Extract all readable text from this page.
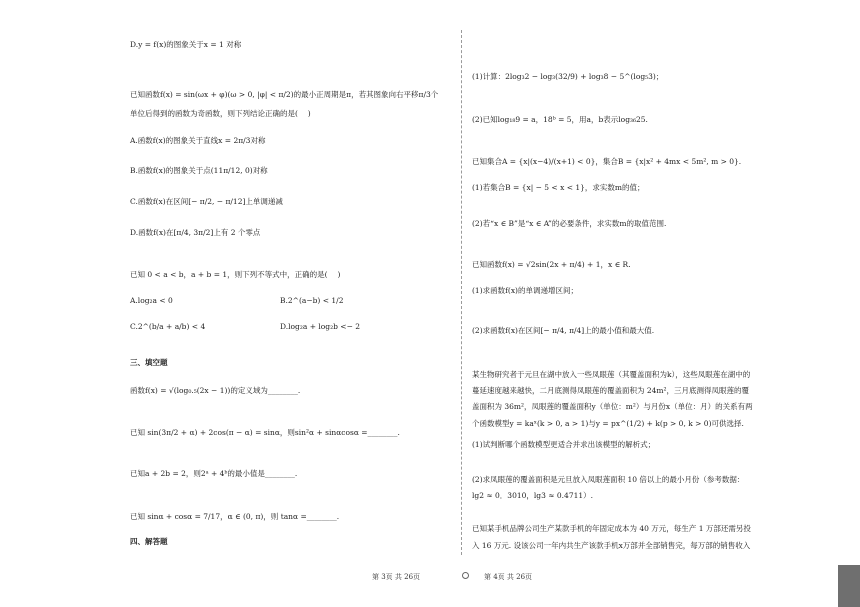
D.y = f(x)的图象关于x = 1 对称
已知函数f(x) = sin(ωx + φ)(ω > 0, |φ| < π/2)的最小正周期是π，若其图象向右平移π/3个
单位后得到的函数为奇函数，则下列结论正确的是(　 )
A.函数f(x)的图象关于直线x = 2π/3对称
B.函数f(x)的图象关于点(11π/12, 0)对称
C.函数f(x)在区间[− π/2, − π/12]上单调递减
D.函数f(x)在[π/4, 3π/2]上有 2 个零点
已知 0 < a < b，a + b = 1，则下列不等式中，正确的是(　 )
A.log₂a < 0
C.2^(b/a + a/b) < 4
三、填空题
函数f(x) = √(log₀.₅(2x − 1))的定义域为________.
已知 sin(3π/2 + α) + 2cos(π − α) = sinα，则sin²α + sinαcosα =________.
已知a + 2b = 2，则2ᵃ + 4ᵇ的最小值是________.
已知 sinα + cosα = 7/17，α ∈ (0, π)，则 tanα =________.
四、解答题
B.2^(a−b) < 1/2
D.log₂a + log₂b <− 2
(1)计算：2log₃2 − log₃(32/9) + log₃8 − 5^(log₅3)；
(2)已知log₁₈9 = a，18ᵇ = 5，用a，b表示log₃₆25.
已知集合A = {x|(x−4)/(x+1) < 0}，集合B = {x|x² + 4mx < 5m², m > 0}.
(1)若集合B = {x| − 5 < x < 1}，求实数m的值；
(2)若“x ∈ B”是“x ∈ A”的必要条件，求实数m的取值范围.
已知函数f(x) = √2sin(2x + π/4) + 1，x ∈ R.
(1)求函数f(x)的单调递增区间；
(2)求函数f(x)在区间[− π/4, π/4]上的最小值和最大值.
某生物研究者于元旦在湖中放入一些凤眼莲（其覆盖面积为k），这些凤眼莲在湖中的
蔓延速度越来越快，二月底测得凤眼莲的覆盖面积为 24m²，三月底测得凤眼莲的覆
盖面积为 36m²，凤眼莲的覆盖面积y（单位：m²）与月份x（单位：月）的关系有两
个函数模型y = kaˣ(k > 0, a > 1)与y = px^(1/2) + k(p > 0, k > 0)可供选择.
(1)试判断哪个函数模型更适合并求出该模型的解析式；
(2)求凤眼莲的覆盖面积是元旦放入凤眼莲面积 10 倍以上的最小月份（参考数据：
lg2 ≈ 0．3010，lg3 ≈ 0.4711）.
已知某手机品牌公司生产某款手机的年固定成本为 40 万元，每生产 1 万部还需另投
入 16 万元. 设该公司一年内共生产该款手机x万部并全部销售完，每万部的销售收入
第 3页 共 26页	第 4页 共 26页
